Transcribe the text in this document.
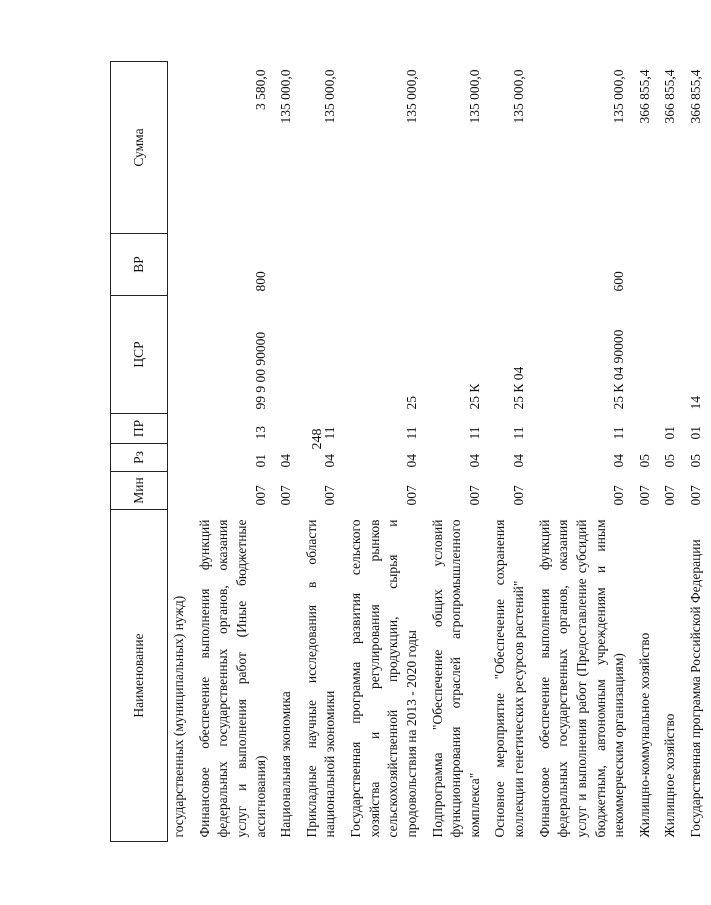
248
Наименование	Мин	Рз	ПР	ЦСР	ВР	Сумма
государственных (муниципальных) нужд)						
Финансовое обеспечение выполнения функций федеральных государственных органов, оказания услуг и выполнения работ (Иные бюджетные ассигнования)	007	01	13	99 9 00 90000	800	3 580,0
Национальная экономика	007	04				135 000,0
Прикладные научные исследования в области национальной экономики	007	04	11			135 000,0
Государственная программа развития сельского хозяйства и регулирования рынков сельскохозяйственной продукции, сырья и продовольствия на 2013 - 2020 годы	007	04	11	25		135 000,0
Подпрограмма "Обеспечение общих условий функционирования отраслей агропромышленного комплекса"	007	04	11	25 К		135 000,0
Основное мероприятие "Обеспечение сохранения коллекции генетических ресурсов растений"	007	04	11	25 К 04		135 000,0
Финансовое обеспечение выполнения функций федеральных государственных органов, оказания услуг и выполнения работ (Предоставление субсидий бюджетным, автономным учреждениям и иным некоммерческим организациям)	007	04	11	25 К 04 90000	600	135 000,0
Жилищно-коммунальное хозяйство	007	05				366 855,4
Жилищное хозяйство	007	05	01			366 855,4
Государственная программа Российской Федерации	007	05	01	14		366 855,4
